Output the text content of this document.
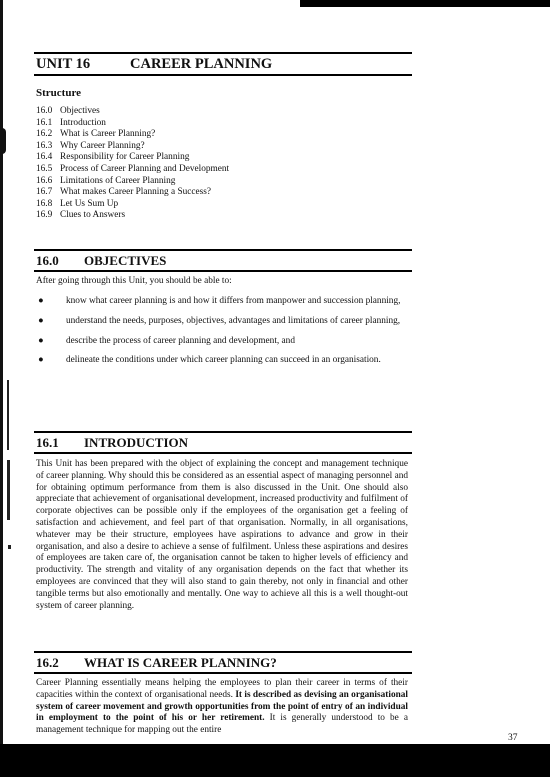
UNIT 16	CAREER PLANNING
Structure
16.0 Objectives
16.1 Introduction
16.2 What is Career Planning?
16.3 Why Career Planning?
16.4 Responsibility for Career Planning
16.5 Process of Career Planning and Development
16.6 Limitations of Career Planning
16.7 What makes Career Planning a Success?
16.8 Let Us Sum Up
16.9 Clues to Answers
16.0	OBJECTIVES
After going through this Unit, you should be able to:
●	know what career planning is and how it differs from manpower and succession planning,
●	understand the needs, purposes, objectives, advantages and limitations of career planning,
●	describe the process of career planning and development, and
●	delineate the conditions under which career planning can succeed in an organisation.
16.1	INTRODUCTION
This Unit has been prepared with the object of explaining the concept and management technique of career planning. Why should this be considered as an essential aspect of managing personnel and for obtaining optimum performance from them is also discussed in the Unit. One should also appreciate that achievement of organisational development, increased productivity and fulfilment of corporate objectives can be possible only if the employees of the organisation get a feeling of satisfaction and achievement, and feel part of that organisation. Normally, in all organisations, whatever may be their structure, employees have aspirations to advance and grow in their organisation, and also a desire to achieve a sense of fulfilment. Unless these aspirations and desires of employees are taken care of, the organisation cannot be taken to higher levels of efficiency and productivity. The strength and vitality of any organisation depends on the fact that whether its employees are convinced that they will also stand to gain thereby, not only in financial and other tangible terms but also emotionally and mentally. One way to achieve all this is a well thought-out system of career planning.
16.2	WHAT IS CAREER PLANNING?
Career Planning essentially means helping the employees to plan their career in terms of their capacities within the context of organisational needs. It is described as devising an organisational system of career movement and growth opportunities from the point of entry of an individual in employment to the point of his or her retirement. It is generally understood to be a management technique for mapping out the entire
37
